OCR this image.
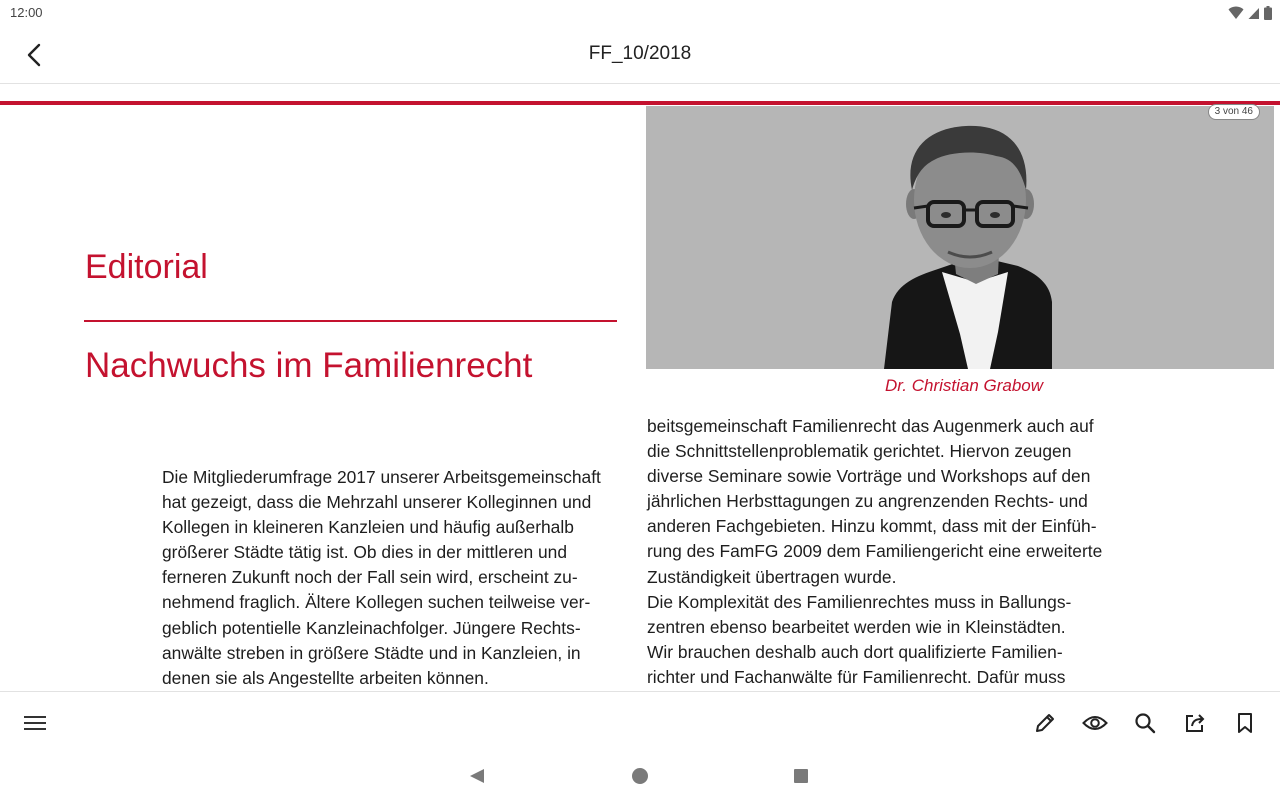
12:00
FF_10/2018
3 von 46
Editorial
Nachwuchs im Familienrecht
Dr. Christian Grabow
Die Mitgliederumfrage 2017 unserer Arbeitsgemeinschaft
hat gezeigt, dass die Mehrzahl unserer Kolleginnen und
Kollegen in kleineren Kanzleien und häufig außerhalb
größerer Städte tätig ist. Ob dies in der mittleren und
ferneren Zukunft noch der Fall sein wird, erscheint zu-
nehmend fraglich. Ältere Kollegen suchen teilweise ver-
geblich potentielle Kanzleinachfolger. Jüngere Rechts-
anwälte streben in größere Städte und in Kanzleien, in
denen sie als Angestellte arbeiten können.
beitsgemeinschaft Familienrecht das Augenmerk auch auf
die Schnittstellenproblematik gerichtet. Hiervon zeugen
diverse Seminare sowie Vorträge und Workshops auf den
jährlichen Herbsttagungen zu angrenzenden Rechts- und
anderen Fachgebieten. Hinzu kommt, dass mit der Einfüh-
rung des FamFG 2009 dem Familiengericht eine erweiterte
Zuständigkeit übertragen wurde.
Die Komplexität des Familienrechtes muss in Ballungs-
zentren ebenso bearbeitet werden wie in Kleinstädten.
Wir brauchen deshalb auch dort qualifizierte Familien-
richter und Fachanwälte für Familienrecht. Dafür muss
